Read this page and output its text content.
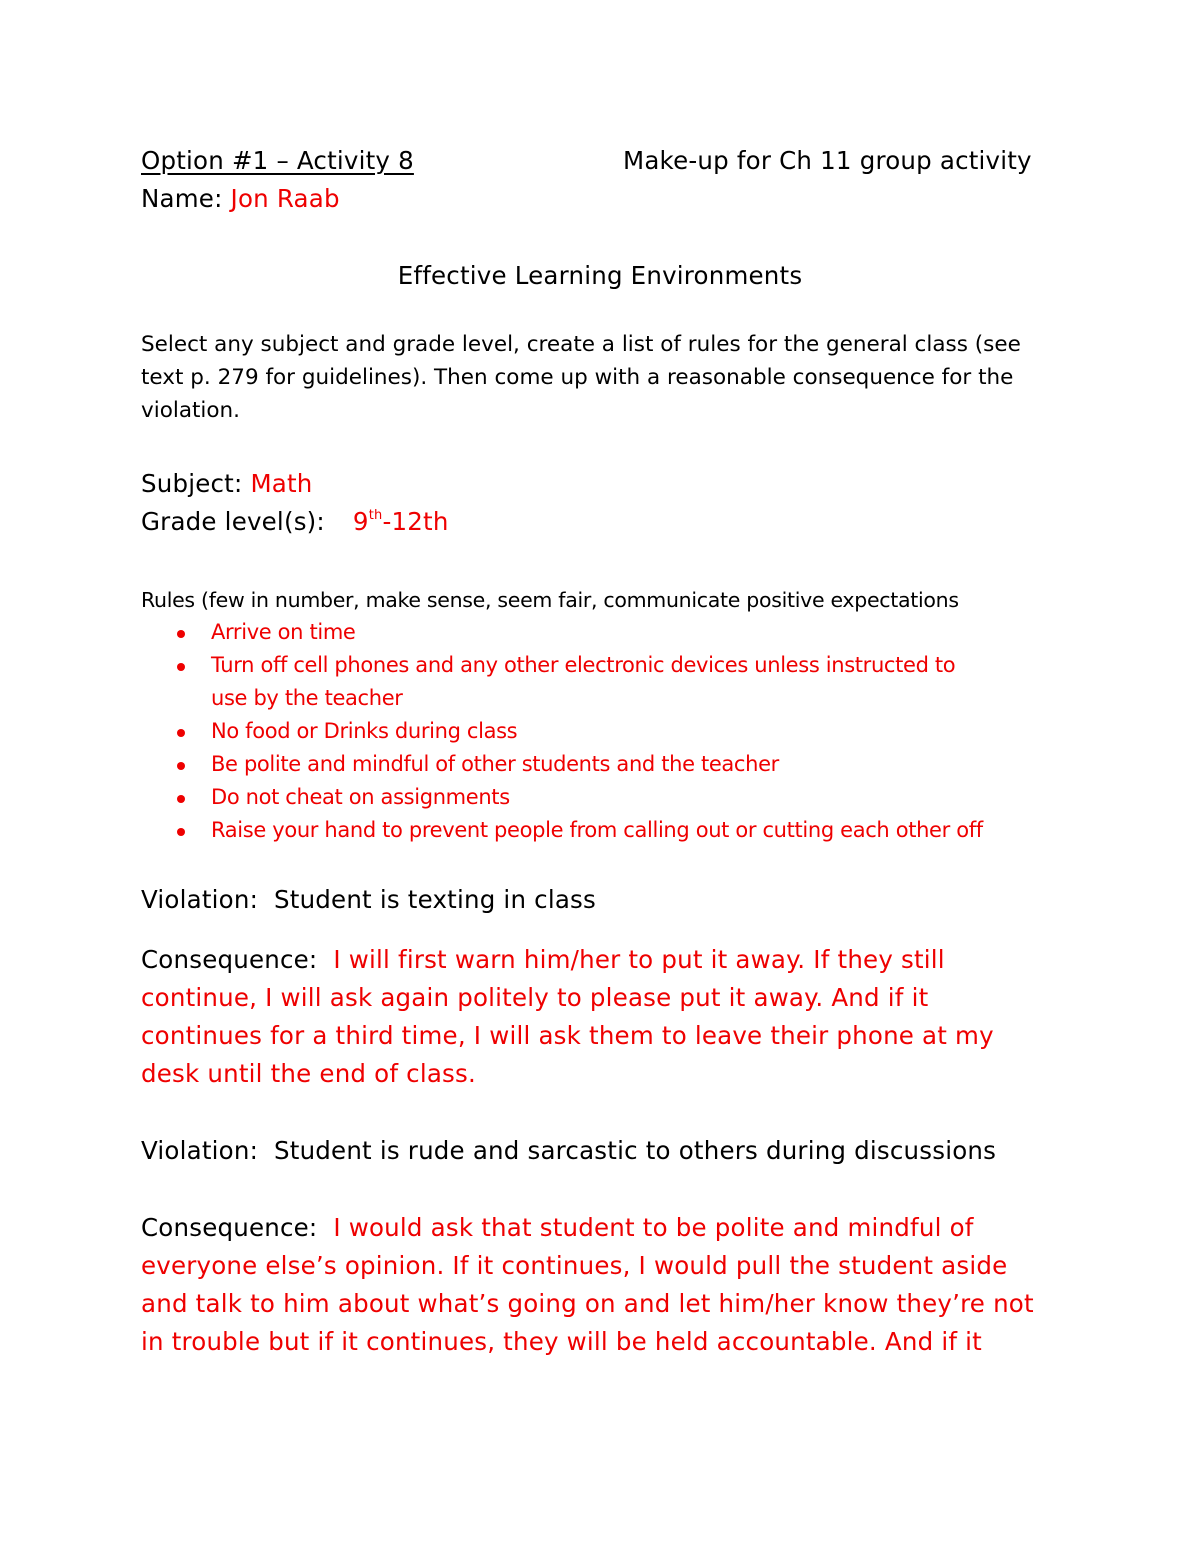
Option #1 – Activity 8	Make-up for Ch 11 group activity
Name: Jon Raab
Effective Learning Environments
Select any subject and grade level, create a list of rules for the general class (see
text p. 279 for guidelines). Then come up with a reasonable consequence for the
violation.
Subject: Math
Grade level(s): 9th-12th
Rules (few in number, make sense, seem fair, communicate positive expectations
Arrive on time
Turn off cell phones and any other electronic devices unless instructed to
use by the teacher
No food or Drinks during class
Be polite and mindful of other students and the teacher
Do not cheat on assignments
Raise your hand to prevent people from calling out or cutting each other off
Violation: Student is texting in class
Consequence: I will first warn him/her to put it away. If they still
continue, I will ask again politely to please put it away. And if it
continues for a third time, I will ask them to leave their phone at my
desk until the end of class.
Violation: Student is rude and sarcastic to others during discussions
Consequence: I would ask that student to be polite and mindful of
everyone else’s opinion. If it continues, I would pull the student aside
and talk to him about what’s going on and let him/her know they’re not
in trouble but if it continues, they will be held accountable. And if it
